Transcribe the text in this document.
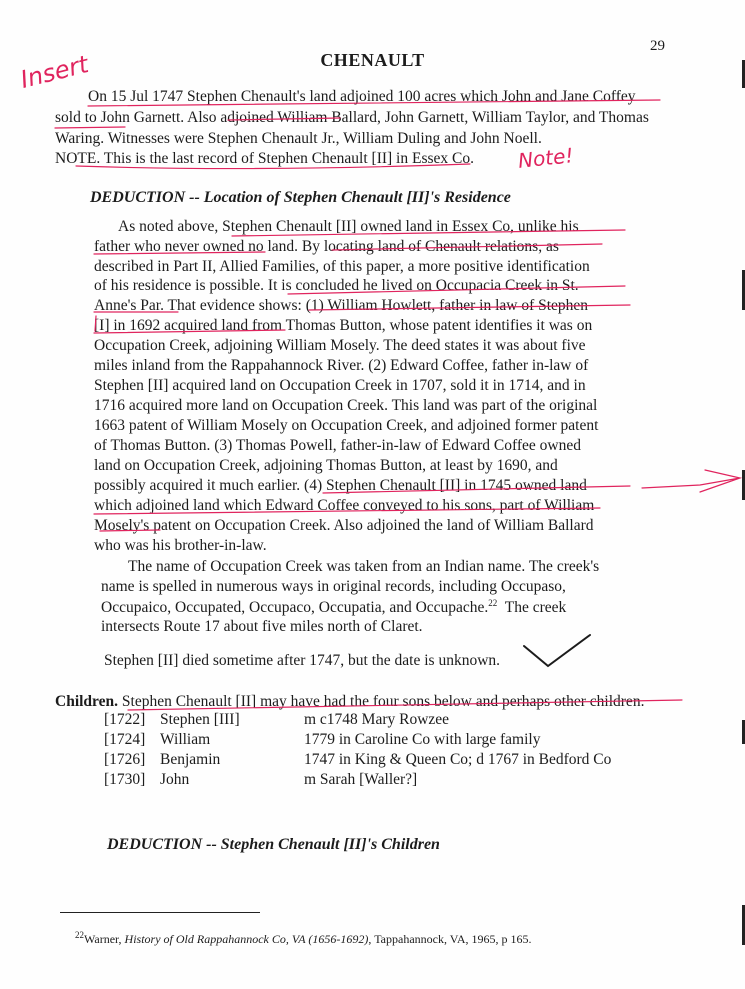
29
CHENAULT
Insert
On 15 Jul 1747 Stephen Chenault's land adjoined 100 acres which John and Jane Coffey
sold to John Garnett. Also adjoined William Ballard, John Garnett, William Taylor, and Thomas
Waring. Witnesses were Stephen Chenault Jr., William Duling and John Noell.
NOTE. This is the last record of Stephen Chenault [II] in Essex Co. Note!
DEDUCTION -- Location of Stephen Chenault [II]'s Residence
As noted above, Stephen Chenault [II] owned land in Essex Co, unlike his
father who never owned no land. By locating land of Chenault relations, as
described in Part II, Allied Families, of this paper, a more positive identification
of his residence is possible. It is concluded he lived on Occupacia Creek in St.
Anne's Par. That evidence shows: (1) William Howlett, father in law of Stephen
[I] in 1692 acquired land from Thomas Button, whose patent identifies it was on
Occupation Creek, adjoining William Mosely. The deed states it was about five
miles inland from the Rappahannock River. (2) Edward Coffee, father in-law of
Stephen [II] acquired land on Occupation Creek in 1707, sold it in 1714, and in
1716 acquired more land on Occupation Creek. This land was part of the original
1663 patent of William Mosely on Occupation Creek, and adjoined former patent
of Thomas Button. (3) Thomas Powell, father-in-law of Edward Coffee owned
land on Occupation Creek, adjoining Thomas Button, at least by 1690, and
possibly acquired it much earlier. (4) Stephen Chenault [II] in 1745 owned land
which adjoined land which Edward Coffee conveyed to his sons, part of William
Mosely's patent on Occupation Creek. Also adjoined the land of William Ballard
who was his brother-in-law.
The name of Occupation Creek was taken from an Indian name. The creek's
name is spelled in numerous ways in original records, including Occupaso,
Occupaico, Occupated, Occupaco, Occupatia, and Occupache.$^{22}$  The creek
intersects Route 17 about five miles north of Claret.
Stephen [II] died sometime after 1747, but the date is unknown.
Children. Stephen Chenault [II] may have had the four sons below and perhaps other children.
[1722]	Stephen [III]	m c1748 Mary Rowzee
[1724]	William	1779 in Caroline Co with large family
[1726]	Benjamin	1747 in King & Queen Co; d 1767 in Bedford Co
[1730]	John	m Sarah [Waller?]
DEDUCTION -- Stephen Chenault [II]'s Children
$^{22}$Warner, History of Old Rappahannock Co, VA (1656-1692), Tappahannock, VA, 1965, p 165.
